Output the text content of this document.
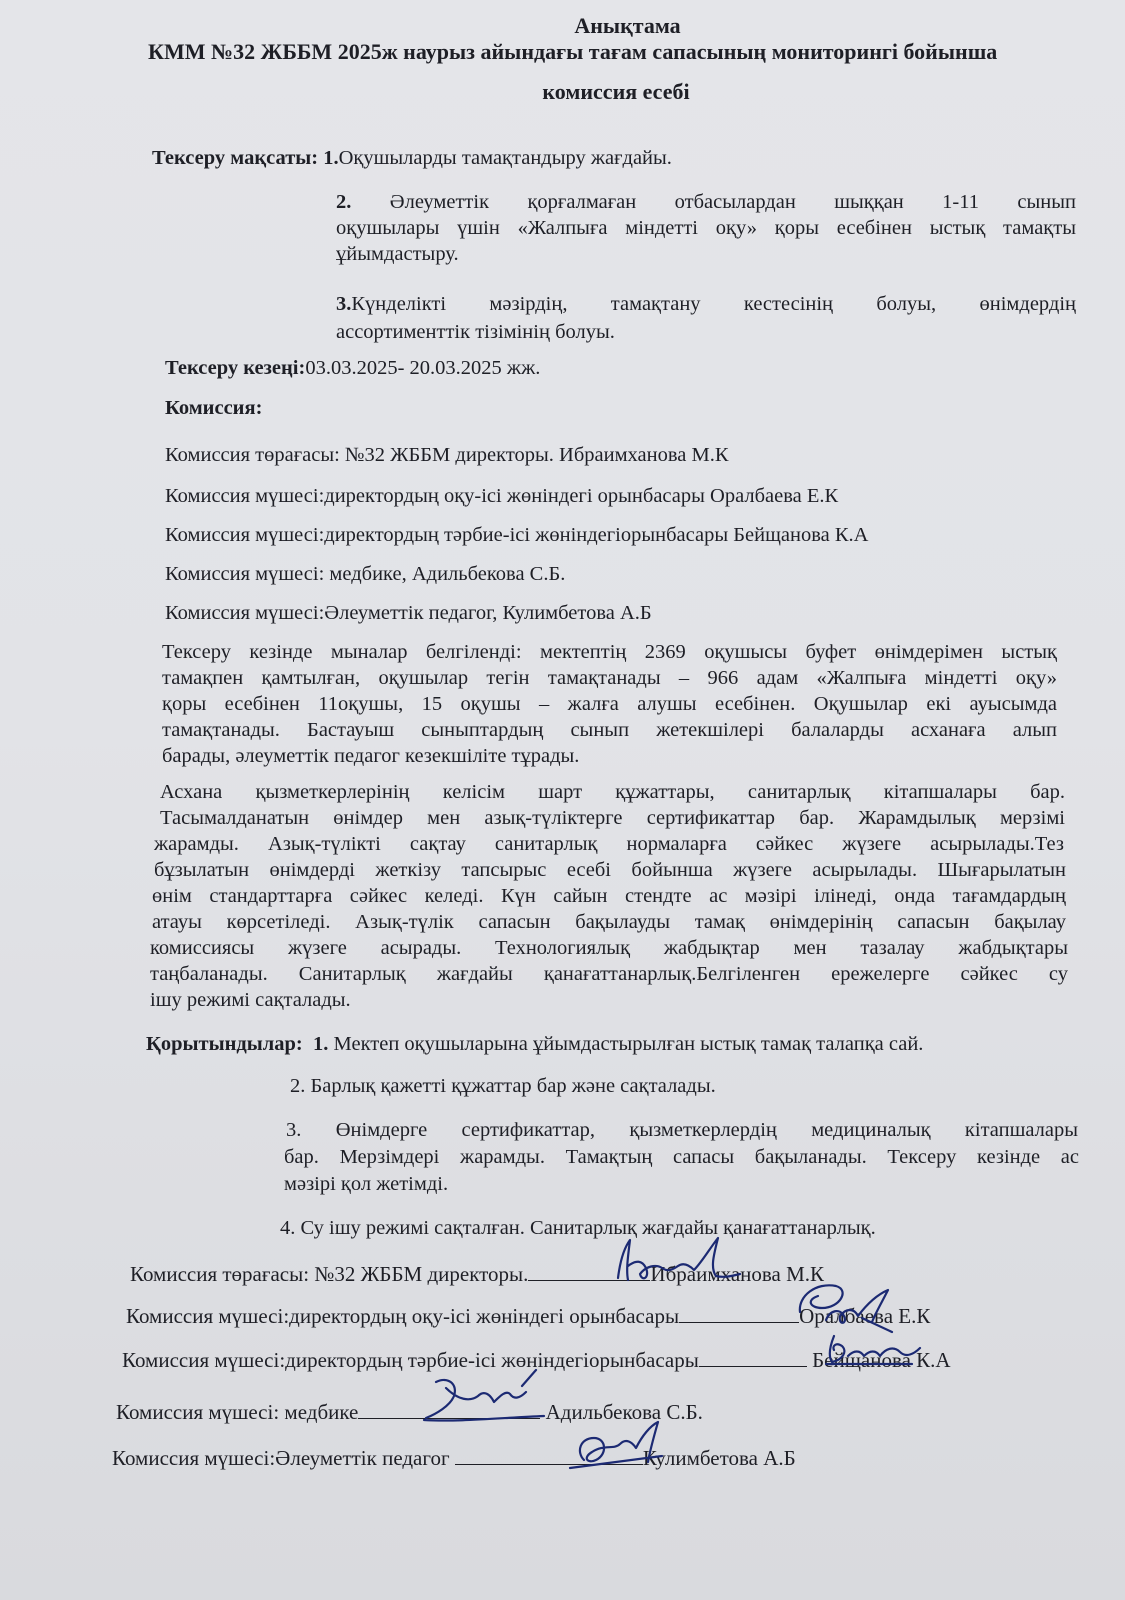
Анықтама
КММ №32 ЖББМ 2025ж наурыз айындағы тағам сапасының мониторингі бойынша
комиссия есебі
Тексеру мақсаты: 1.Оқушыларды тамақтандыру жағдайы.
2. Әлеуметтік қорғалмаған отбасылардан шыққан 1-11 сынып
оқушылары үшін «Жалпыға міндетті оқу» қоры есебінен ыстық тамақты
ұйымдастыру.
3.Күнделікті мәзірдің, тамақтану кестесінің болуы, өнімдердің
ассортименттік тізімінің болуы.
Тексеру кезеңі:03.03.2025- 20.03.2025 жж.
Комиссия:
Комиссия төрағасы: №32 ЖББМ директоры. Ибраимханова М.К
Комиссия мүшесі:директордың оқу-ісі жөніндегі орынбасары Оралбаева Е.К
Комиссия мүшесі:директордың тәрбие-ісі жөніндегіорынбасары Бейщанова К.А
Комиссия мүшесі: медбике, Адильбекова С.Б.
Комиссия мүшесі:Әлеуметтік педагог, Кулимбетова А.Б
Тексеру кезінде мыналар белгіленді: мектептің 2369 оқушысы буфет өнімдерімен ыстық
тамақпен қамтылған, оқушылар тегін тамақтанады – 966 адам «Жалпыға міндетті оқу»
қоры есебінен 11оқушы, 15 оқушы – жалға алушы есебінен. Оқушылар екі ауысымда
тамақтанады. Бастауыш сыныптардың сынып жетекшілері балаларды асханаға алып
барады, әлеуметтік педагог кезекшіліте тұрады.
Асхана қызметкерлерінің келісім шарт құжаттары, санитарлық кітапшалары бар.
Тасымалданатын өнімдер мен азық-түліктерге сертификаттар бар. Жарамдылық мерзімі
жарамды. Азық-түлікті сақтау санитарлық нормаларға сәйкес жүзеге асырылады.Тез
бұзылатын өнімдерді жеткізу тапсырыс есебі бойынша жүзеге асырылады. Шығарылатын
өнім стандарттарға сәйкес келеді. Күн сайын стендте ас мәзірі ілінеді, онда тағамдардың
атауы көрсетіледі. Азық-түлік сапасын бақылауды тамақ өнімдерінің сапасын бақылау
комиссиясы жүзеге асырады. Технологиялық жабдықтар мен тазалау жабдықтары
таңбаланады. Санитарлық жағдайы қанағаттанарлық.Белгіленген ережелерге сәйкес су
ішу режимі сақталады.
Қорытындылар: 1. Мектеп оқушыларына ұйымдастырылған ыстық тамақ талапқа сай.
2. Барлық қажетті құжаттар бар және сақталады.
3. Өнімдерге сертификаттар, қызметкерлердің медициналық кітапшалары
бар. Мерзімдері жарамды. Тамақтың сапасы бақыланады. Тексеру кезінде ас
мәзірі қол жетімді.
4. Су ішу режимі сақталған. Санитарлық жағдайы қанағаттанарлық.
Комиссия төрағасы: №32 ЖББМ директоры.	Ибраимханова М.К
Комиссия мүшесі:директордың оқу-ісі жөніндегі орынбасары	Оралбаева Е.К
Комиссия мүшесі:директордың тәрбие-ісі жөніндегіорынбасары	Бейщанова К.А
Комиссия мүшесі: медбике	Адильбекова С.Б.
Комиссия мүшесі:Әлеуметтік педагог	Кулимбетова А.Б
